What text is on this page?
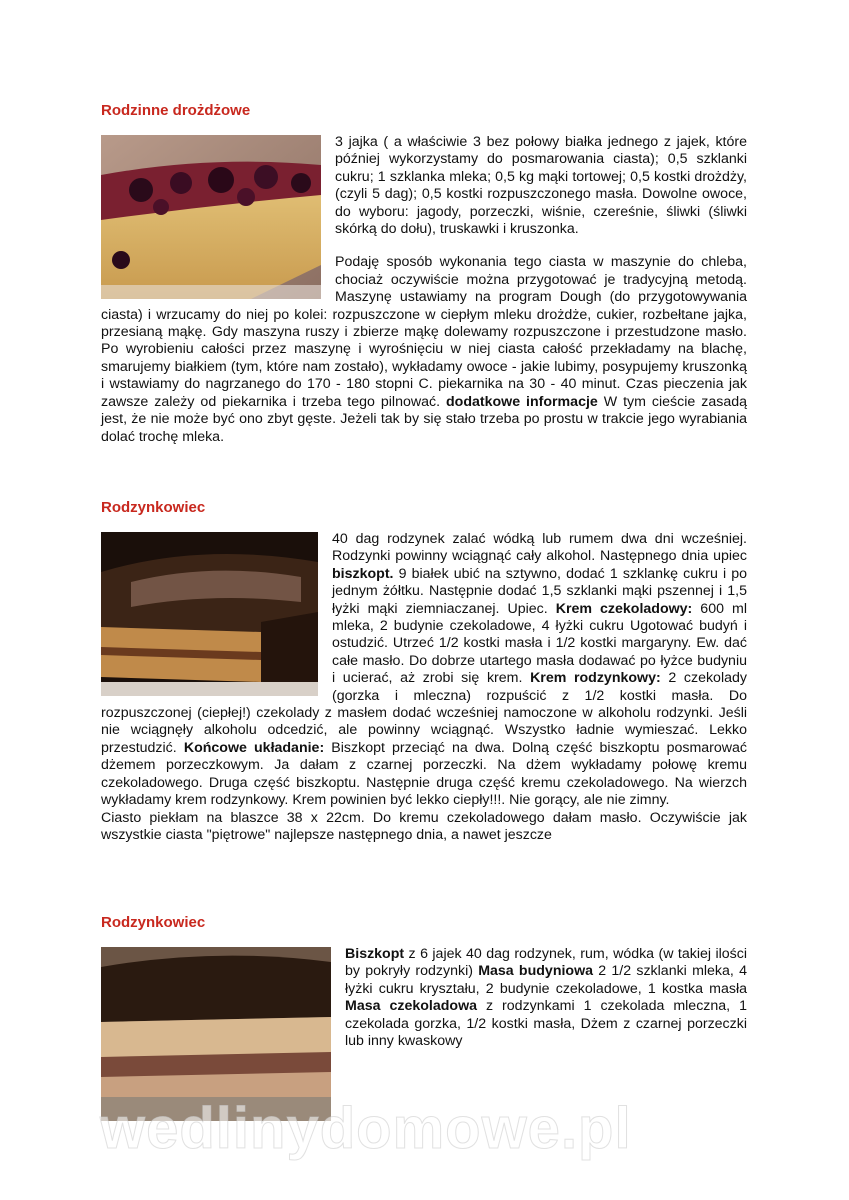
Rodzinne drożdżowe

3 jajka ( a właściwie 3 bez połowy białka jednego z jajek, które później wykorzystamy do posmarowania ciasta); 0,5 szklanki cukru; 1 szklanka mleka; 0,5 kg mąki tortowej; 0,5 kostki drożdży, (czyli 5 dag); 0,5 kostki rozpuszczonego masła. Dowolne owoce, do wyboru: jagody, porzeczki, wiśnie, czereśnie, śliwki (śliwki skórką do dołu), truskawki i kruszonka.

Podaję sposób wykonania tego ciasta w maszynie do chleba, chociaż oczywiście można przygotować je tradycyjną metodą. Maszynę ustawiamy na program Dough (do przygotowywania ciasta) i wrzucamy do niej po kolei: rozpuszczone w ciepłym mleku drożdże, cukier, rozbełtane jajka, przesianą mąkę. Gdy maszyna ruszy i zbierze mąkę dolewamy rozpuszczone i przestudzone masło. Po wyrobieniu całości przez maszynę i wyrośnięciu w niej ciasta całość przekładamy na blachę, smarujemy białkiem (tym, które nam zostało), wykładamy owoce - jakie lubimy, posypujemy kruszonką i wstawiamy do nagrzanego do 170 - 180 stopni C. piekarnika na 30 - 40 minut. Czas pieczenia jak zawsze zależy od piekarnika i trzeba tego pilnować. dodatkowe informacje W tym cieście zasadą jest, że nie może być ono zbyt gęste. Jeżeli tak by się stało trzeba po prostu w trakcie jego wyrabiania dolać trochę mleka.

Rodzynkowiec

40 dag rodzynek zalać wódką lub rumem dwa dni wcześniej. Rodzynki powinny wciągnąć cały alkohol. Następnego dnia upiec biszkopt. 9 białek ubić na sztywno, dodać 1 szklankę cukru i po jednym żółtku. Następnie dodać 1,5 szklanki mąki pszennej i 1,5 łyżki mąki ziemniaczanej. Upiec. Krem czekoladowy: 600 ml mleka, 2 budynie czekoladowe, 4 łyżki cukru Ugotować budyń i ostudzić. Utrzeć 1/2 kostki masła i 1/2 kostki margaryny. Ew. dać całe masło. Do dobrze utartego masła dodawać po łyżce budyniu i ucierać, aż zrobi się krem. Krem rodzynkowy: 2 czekolady (gorzka i mleczna) rozpuścić z 1/2 kostki masła. Do rozpuszczonej (ciepłej!) czekolady z masłem dodać wcześniej namoczone w alkoholu rodzynki. Jeśli nie wciągnęły alkoholu odcedzić, ale powinny wciągnąć. Wszystko ładnie wymieszać. Lekko przestudzić. Końcowe układanie: Biszkopt przeciąć na dwa. Dolną część biszkoptu posmarować dżemem porzeczkowym. Ja dałam z czarnej porzeczki. Na dżem wykładamy połowę kremu czekoladowego. Druga część biszkoptu. Następnie druga część kremu czekoladowego. Na wierzch wykładamy krem rodzynkowy. Krem powinien być lekko ciepły!!!. Nie gorący, ale nie zimny.

Ciasto piekłam na blaszce 38 x 22cm. Do kremu czekoladowego dałam masło. Oczywiście jak wszystkie ciasta "piętrowe" najlepsze następnego dnia, a nawet jeszcze

Rodzynkowiec

Biszkopt z 6 jajek 40 dag rodzynek, rum, wódka (w takiej ilości by pokryły rodzynki) Masa budyniowa 2 1/2 szklanki mleka, 4 łyżki cukru kryształu, 2 budynie czekoladowe, 1 kostka masła Masa czekoladowa z rodzynkami 1 czekolada mleczna, 1 czekolada gorzka, 1/2 kostki masła, Dżem z czarnej porzeczki lub inny kwaskowy

wedlinydomowe.pl
